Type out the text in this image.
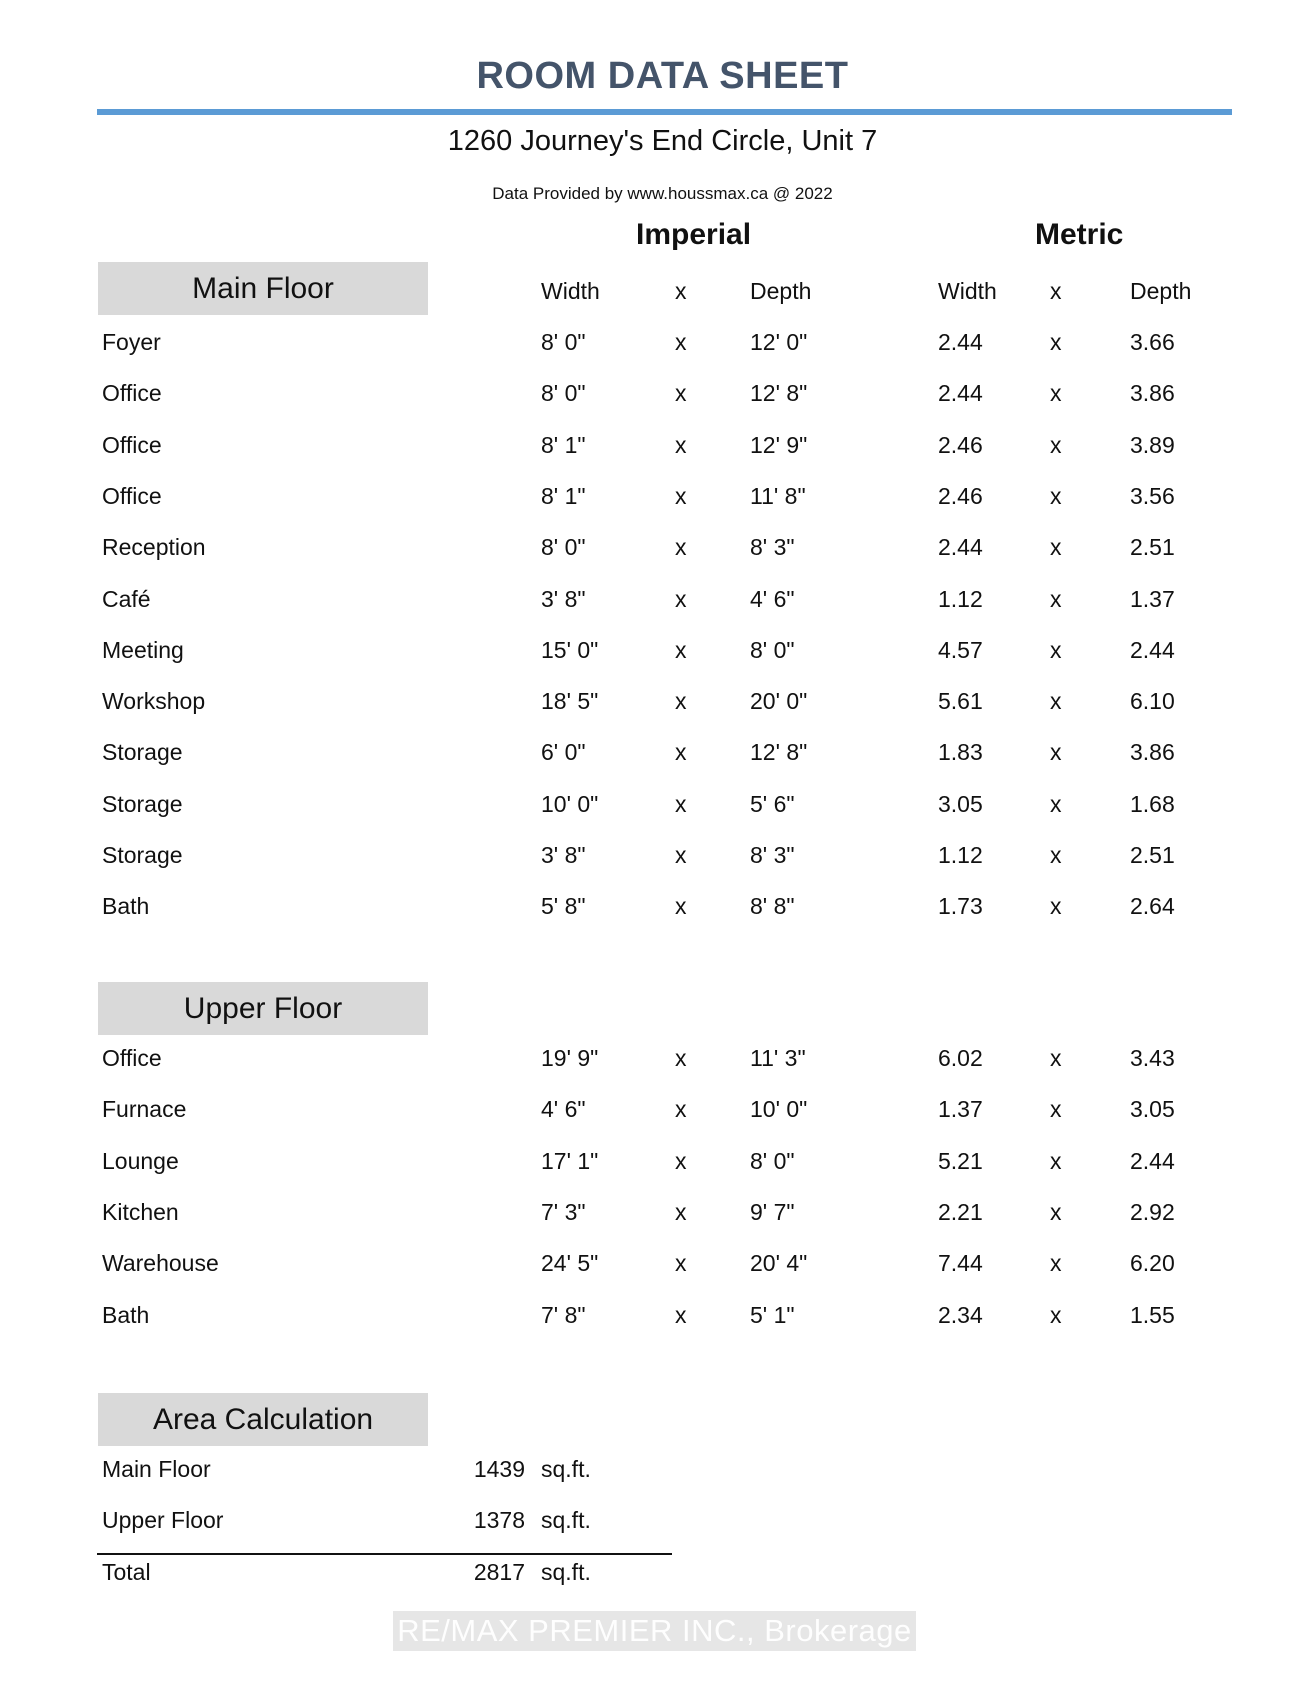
ROOM DATA SHEET
1260 Journey's End Circle, Unit 7
Data Provided by www.houssmax.ca @ 2022
Imperial	Metric
Main Floor	Width	x	Depth	Width x	Depth
Foyer	8' 0"	x	12' 0"	2.44	x	3.66
Office	8' 0"	x	12' 8"	2.44	x	3.86
Office	8' 1"	x	12' 9"	2.46	x	3.89
Office	8' 1"	x	11' 8"	2.46	x	3.56
Reception	8' 0"	x	8' 3"	2.44	x	2.51
Café	3' 8"	x	4' 6"	1.12	x	1.37
Meeting	15' 0"	x	8' 0"	4.57	x	2.44
Workshop	18' 5"	x	20' 0"	5.61	x	6.10
Storage	6' 0"	x	12' 8"	1.83	x	3.86
Storage	10' 0"	x	5' 6"	3.05	x	1.68
Storage	3' 8"	x	8' 3"	1.12	x	2.51
Bath	5' 8"	x	8' 8"	1.73	x	2.64
Upper Floor
Office	19' 9"	x	11' 3"	6.02	x	3.43
Furnace	4' 6"	x	10' 0"	1.37	x	3.05
Lounge	17' 1"	x	8' 0"	5.21	x	2.44
Kitchen	7' 3"	x	9' 7"	2.21	x	2.92
Warehouse	24' 5"	x	20' 4"	7.44	x	6.20
Bath	7' 8"	x	5' 1"	2.34	x	1.55
Area Calculation
Main Floor	1439 sq.ft.
Upper Floor	1378 sq.ft.
Total	2817 sq.ft.
RE/MAX PREMIER INC., Brokerage
